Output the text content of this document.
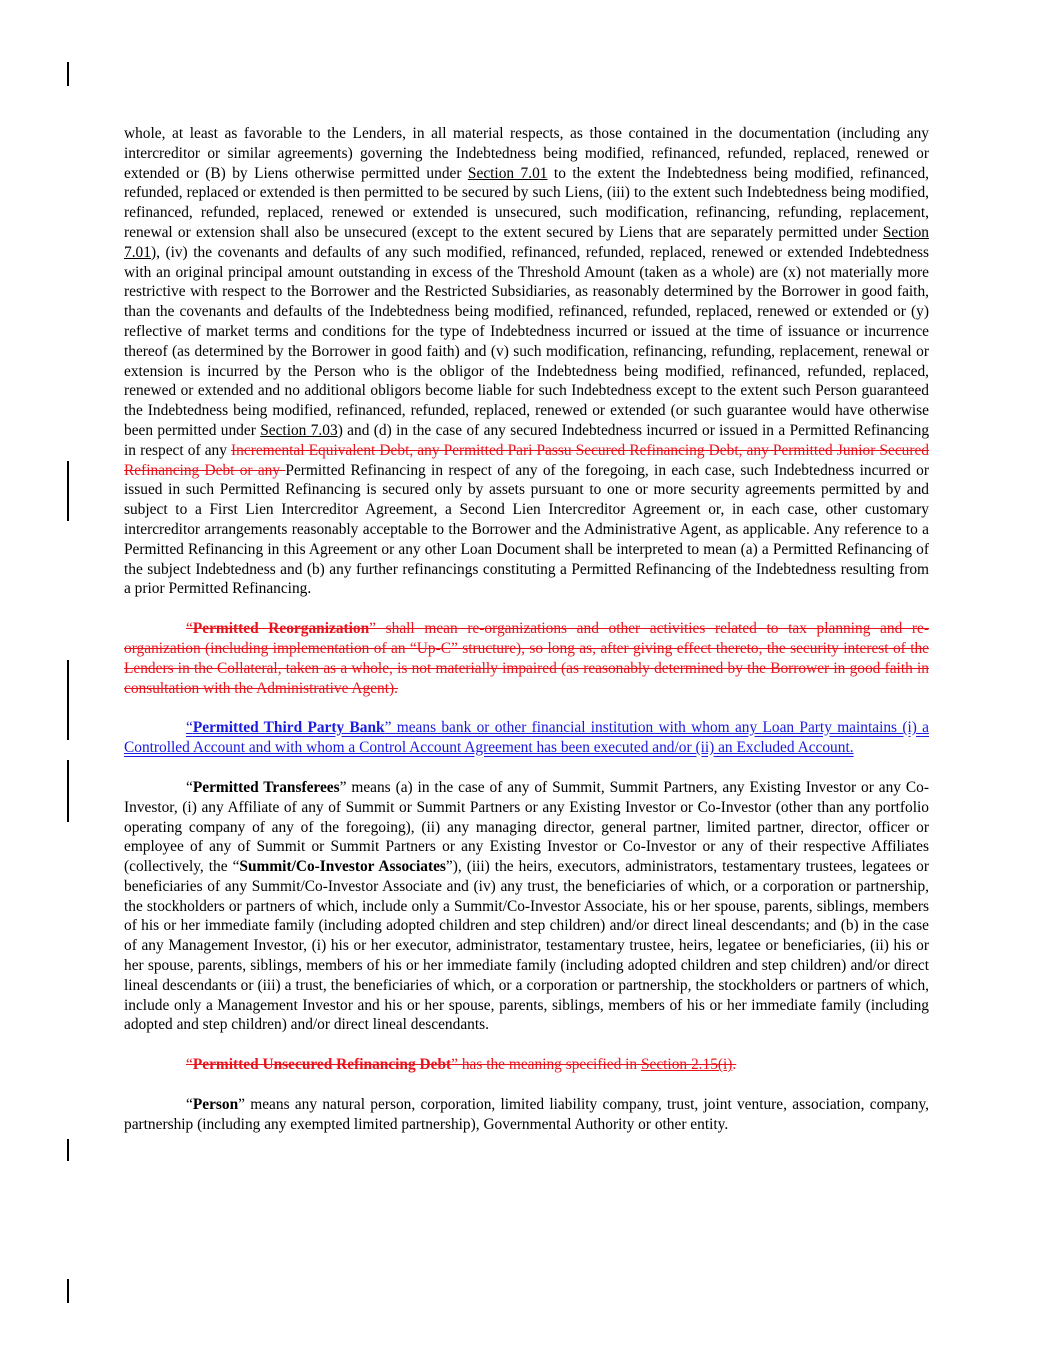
whole, at least as favorable to the Lenders, in all material respects, as those contained in the documentation (including any intercreditor or similar agreements) governing the Indebtedness being modified, refinanced, refunded, replaced, renewed or extended or (B) by Liens otherwise permitted under Section 7.01 to the extent the Indebtedness being modified, refinanced, refunded, replaced or extended is then permitted to be secured by such Liens, (iii) to the extent such Indebtedness being modified, refinanced, refunded, replaced, renewed or extended is unsecured, such modification, refinancing, refunding, replacement, renewal or extension shall also be unsecured (except to the extent secured by Liens that are separately permitted under Section 7.01), (iv) the covenants and defaults of any such modified, refinanced, refunded, replaced, renewed or extended Indebtedness with an original principal amount outstanding in excess of the Threshold Amount (taken as a whole) are (x) not materially more restrictive with respect to the Borrower and the Restricted Subsidiaries, as reasonably determined by the Borrower in good faith, than the covenants and defaults of the Indebtedness being modified, refinanced, refunded, replaced, renewed or extended or (y) reflective of market terms and conditions for the type of Indebtedness incurred or issued at the time of issuance or incurrence thereof (as determined by the Borrower in good faith) and (v) such modification, refinancing, refunding, replacement, renewal or extension is incurred by the Person who is the obligor of the Indebtedness being modified, refinanced, refunded, replaced, renewed or extended and no additional obligors become liable for such Indebtedness except to the extent such Person guaranteed the Indebtedness being modified, refinanced, refunded, replaced, renewed or extended (or such guarantee would have otherwise been permitted under Section 7.03) and (d) in the case of any secured Indebtedness incurred or issued in a Permitted Refinancing in respect of any Incremental Equivalent Debt, any Permitted Pari Passu Secured Refinancing Debt, any Permitted Junior Secured Refinancing Debt or any Permitted Refinancing in respect of any of the foregoing, in each case, such Indebtedness incurred or issued in such Permitted Refinancing is secured only by assets pursuant to one or more security agreements permitted by and subject to a First Lien Intercreditor Agreement, a Second Lien Intercreditor Agreement or, in each case, other customary intercreditor arrangements reasonably acceptable to the Borrower and the Administrative Agent, as applicable. Any reference to a Permitted Refinancing in this Agreement or any other Loan Document shall be interpreted to mean (a) a Permitted Refinancing of the subject Indebtedness and (b) any further refinancings constituting a Permitted Refinancing of the Indebtedness resulting from a prior Permitted Refinancing.

“Permitted Reorganization” shall mean re-organizations and other activities related to tax planning and re-organization (including implementation of an “Up-C” structure), so long as, after giving effect thereto, the security interest of the Lenders in the Collateral, taken as a whole, is not materially impaired (as reasonably determined by the Borrower in good faith in consultation with the Administrative Agent).

“Permitted Third Party Bank” means bank or other financial institution with whom any Loan Party maintains (i) a Controlled Account and with whom a Control Account Agreement has been executed and/or (ii) an Excluded Account.

“Permitted Transferees” means (a) in the case of any of Summit, Summit Partners, any Existing Investor or any Co-Investor, (i) any Affiliate of any of Summit or Summit Partners or any Existing Investor or Co-Investor (other than any portfolio operating company of any of the foregoing), (ii) any managing director, general partner, limited partner, director, officer or employee of any of Summit or Summit Partners or any Existing Investor or Co-Investor or any of their respective Affiliates (collectively, the “Summit/Co-Investor Associates”), (iii) the heirs, executors, administrators, testamentary trustees, legatees or beneficiaries of any Summit/Co-Investor Associate and (iv) any trust, the beneficiaries of which, or a corporation or partnership, the stockholders or partners of which, include only a Summit/Co-Investor Associate, his or her spouse, parents, siblings, members of his or her immediate family (including adopted children and step children) and/or direct lineal descendants; and (b) in the case of any Management Investor, (i) his or her executor, administrator, testamentary trustee, heirs, legatee or beneficiaries, (ii) his or her spouse, parents, siblings, members of his or her immediate family (including adopted children and step children) and/or direct lineal descendants or (iii) a trust, the beneficiaries of which, or a corporation or partnership, the stockholders or partners of which, include only a Management Investor and his or her spouse, parents, siblings, members of his or her immediate family (including adopted and step children) and/or direct lineal descendants.

“Permitted Unsecured Refinancing Debt” has the meaning specified in Section 2.15(i).

“Person” means any natural person, corporation, limited liability company, trust, joint venture, association, company, partnership (including any exempted limited partnership), Governmental Authority or other entity.
